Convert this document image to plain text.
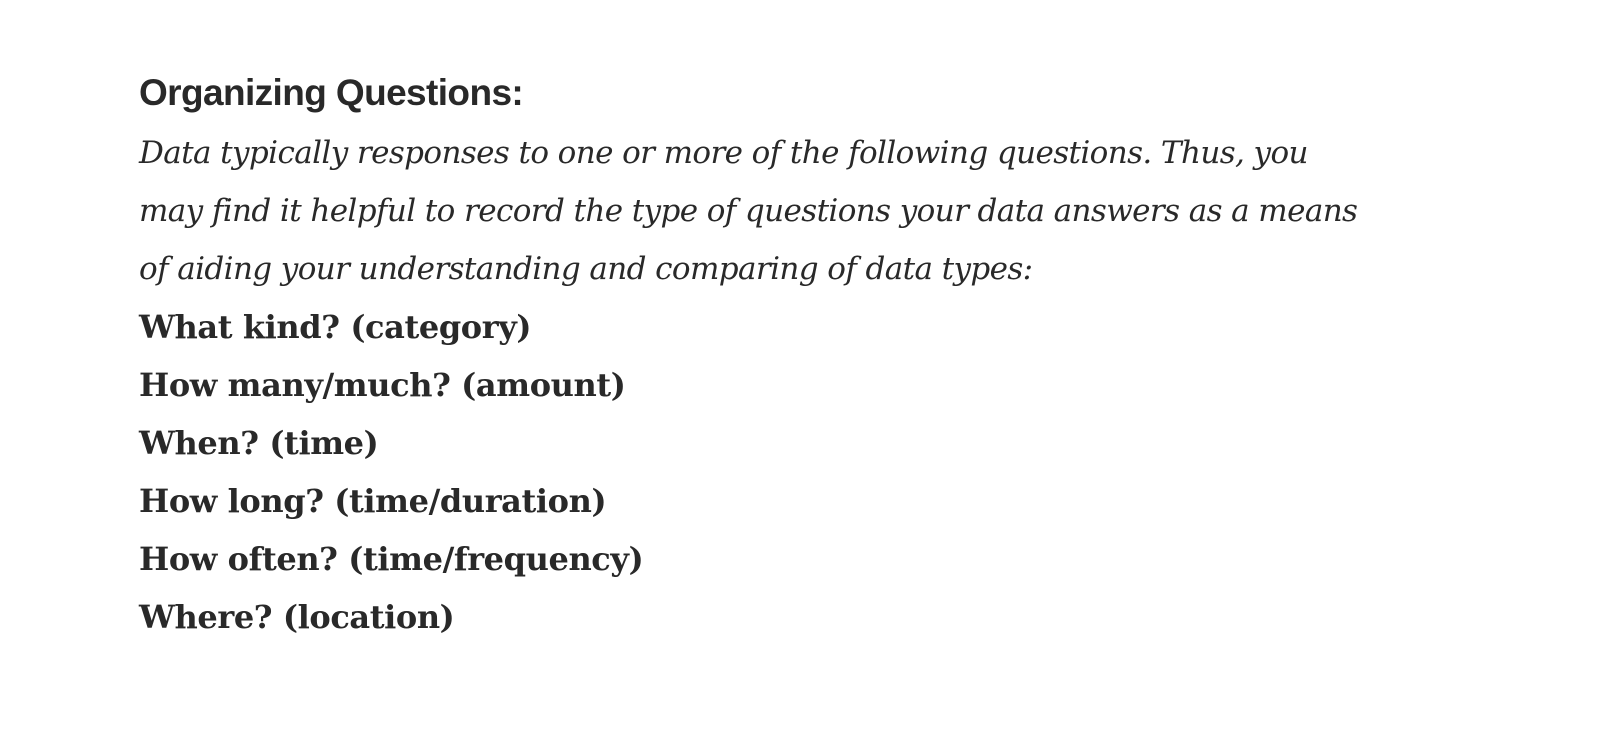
Organizing Questions:

Data typically responses to one or more of the following questions. Thus, you
may find it helpful to record the type of questions your data answers as a means
of aiding your understanding and comparing of data types:

What kind? (category)
How many/much? (amount)
When? (time)
How long? (time/duration)
How often? (time/frequency)
Where? (location)
